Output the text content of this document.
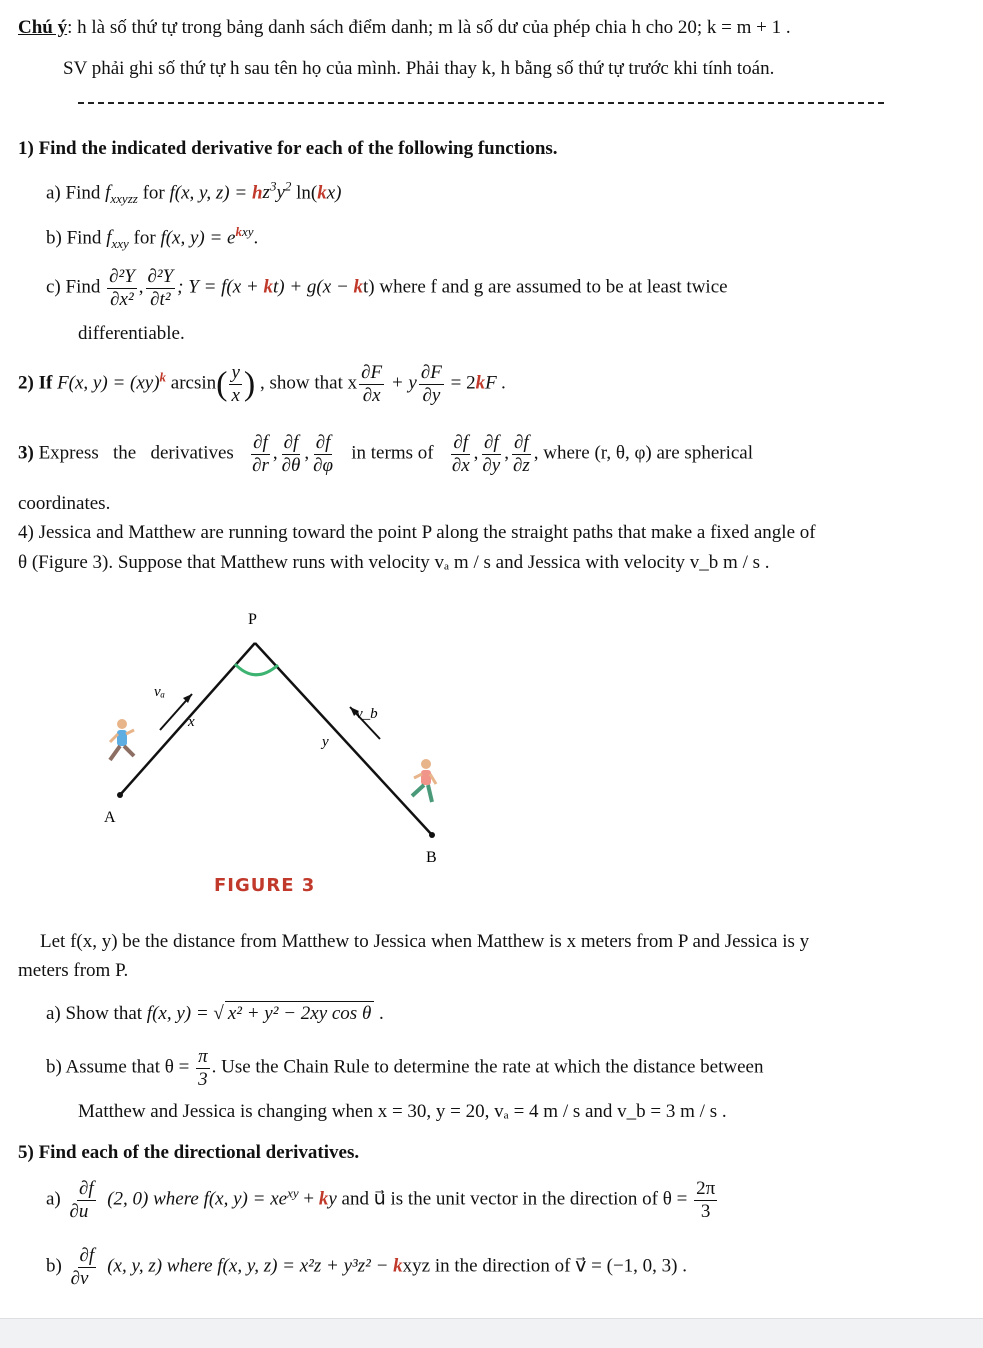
Chú ý: h là số thứ tự trong bảng danh sách điểm danh; m là số dư của phép chia h cho 20; k = m + 1 .
SV phải ghi số thứ tự h sau tên họ của mình. Phải thay k, h bằng số thứ tự trước khi tính toán.
1) Find the indicated derivative for each of the following functions.
a) Find $f_{xxyzz}$ for f(x, y, $z) = hz^3y^2$ ln(kx)
b) Find $f_{xxy}$ for f(x, $y) = e^{kxy}$.
c) Find $\frac{\text{∂²Y}}{\text{∂x²}}$ , $\frac{\text{∂²Y}}{\text{∂t²}}$ ; Y = f(x + kt) + g(x − kt) where f and g are assumed to be at least twice
differentiable.
2) If F(x, y) = (xy)$^k$ $\arcsin( \frac{y}{x}$ ) , show that x $\frac{\partial F}{\partial x} + y \frac{\partial F}{\partial y} = 2kF$ .
3) Express   the   derivatives $\frac{\partial f}{\partial r}$ , $\frac{\partial f}{\partial\theta}$ , $\frac{\partial f}{\partial\varphi}$ in terms of $\frac{\partial f}{\partial x}$ , $\frac{\partial f}{\partial y}$ , $\frac{\partial f}{\partial z}$ , where (r, θ, φ) are spherical
coordinates.
4) Jessica and Matthew are running toward the point P along the straight paths that make a fixed angle of
θ (Figure 3). Suppose that Matthew runs with velocity vₐ m / s and Jessica with velocity v_b m / s .
P
A
B
x
y
vₐ
v_b
FIGURE 3
Let f(x, y) be the distance from Matthew to Jessica when Matthew is x meters from P and Jessica is y
meters from P.
a) Show that f(x, y) = √ x² + y² − 2xy cos θ .
b) Assume that $\theta = \frac{\pi}{3}$ . Use the Chain Rule to determine the rate at which the distance between
Matthew and Jessica is changing when x = 30, y = 20, vₐ = 4 m / s and v_b = 3 m / s .
5) Find each of the directional derivatives.
$a) \frac{\partial f}{\partial u⃗} (2$, 0) where f(x, $y) = xe^{xy}$ + ky and u⃗ is the unit vector in the direction of $\theta = \frac{2\pi}{3}$
$b) \frac{\partial f}{\partial v⃗} (x$, y, z) where f(x, y, z) = x²z + y³z² − kxyz in the direction of v⃗ = (−1, 0, 3) .
